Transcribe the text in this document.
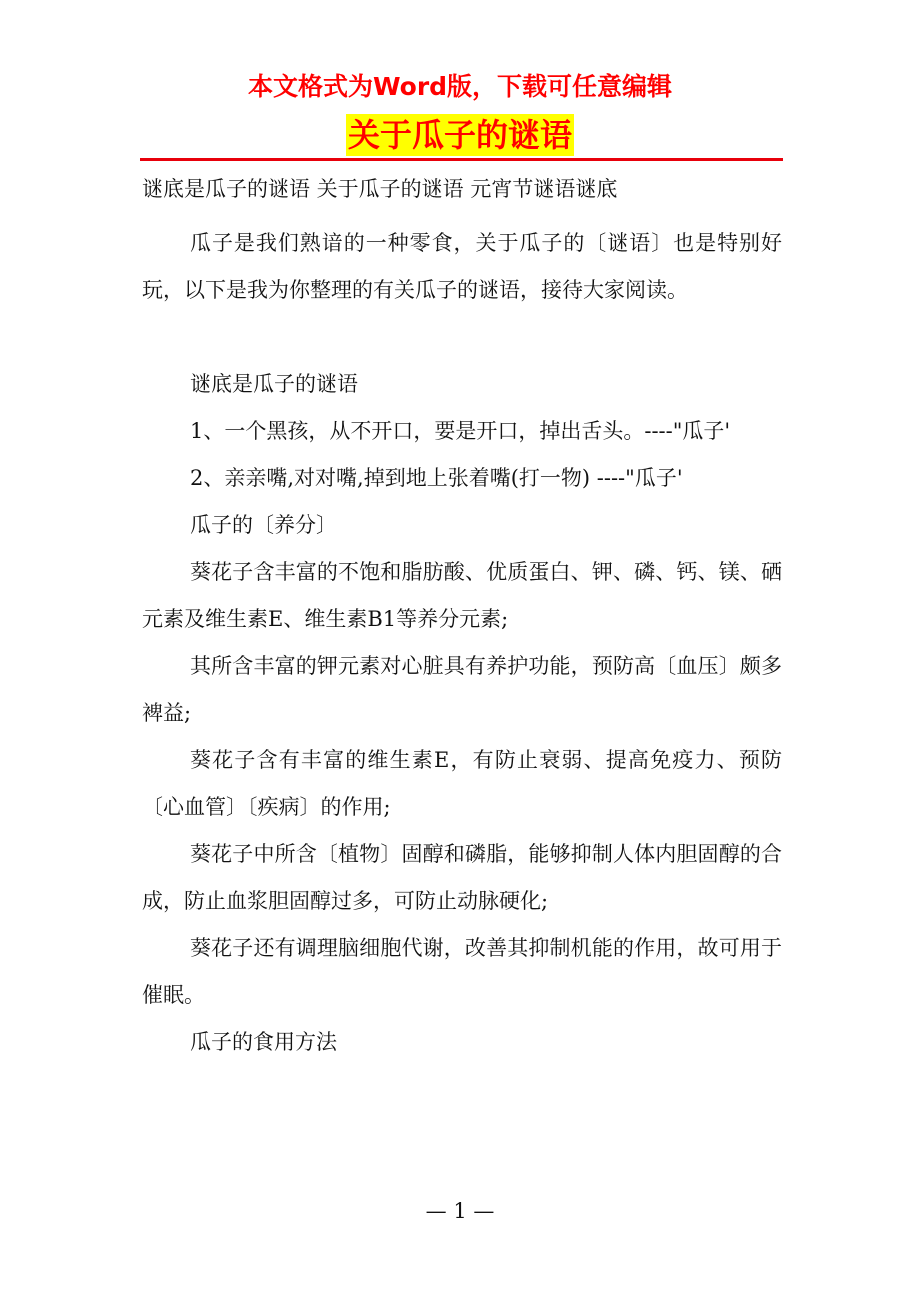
本文格式为Word版，下载可任意编辑
关于瓜子的谜语
谜底是瓜子的谜语 关于瓜子的谜语 元宵节谜语谜底

瓜子是我们熟谙的一种零食，关于瓜子的〔谜语〕也是特别好玩，以下是我为你整理的有关瓜子的谜语，接待大家阅读。

谜底是瓜子的谜语

1、一个黑孩，从不开口，要是开口，掉出舌头。----"瓜子'

2、亲亲嘴,对对嘴,掉到地上张着嘴(打一物) ----"瓜子'

瓜子的〔养分〕

葵花子含丰富的不饱和脂肪酸、优质蛋白、钾、磷、钙、镁、硒元素及维生素E、维生素B1等养分元素;

其所含丰富的钾元素对心脏具有养护功能，预防高〔血压〕颇多裨益;

葵花子含有丰富的维生素E，有防止衰弱、提高免疫力、预防〔心血管〕〔疾病〕的作用;

葵花子中所含〔植物〕固醇和磷脂，能够抑制人体内胆固醇的合成，防止血浆胆固醇过多，可防止动脉硬化;

葵花子还有调理脑细胞代谢，改善其抑制机能的作用，故可用于催眠。

瓜子的食用方法

— 1 —
